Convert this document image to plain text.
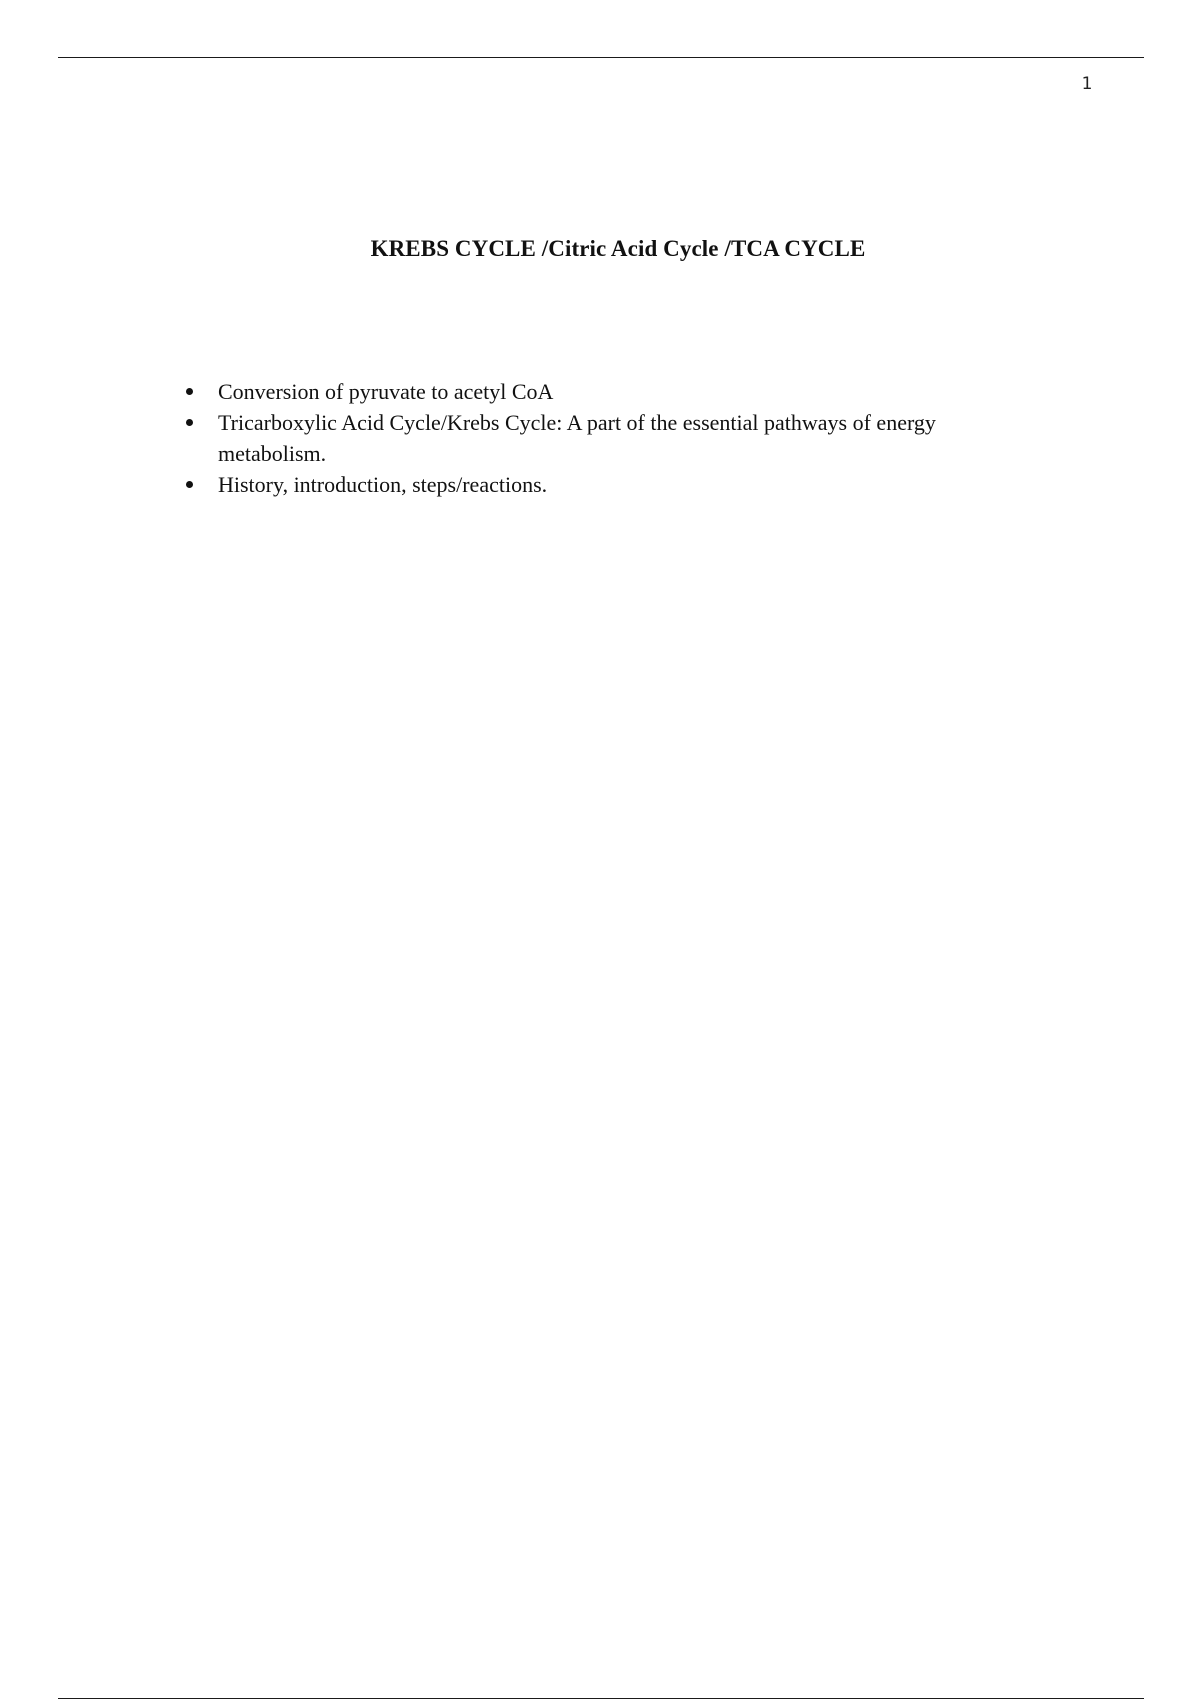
1
KREBS CYCLE /Citric Acid Cycle /TCA CYCLE
Conversion of pyruvate to acetyl CoA
Tricarboxylic Acid Cycle/Krebs Cycle: A part of the essential pathways of energy metabolism.
History, introduction, steps/reactions.
